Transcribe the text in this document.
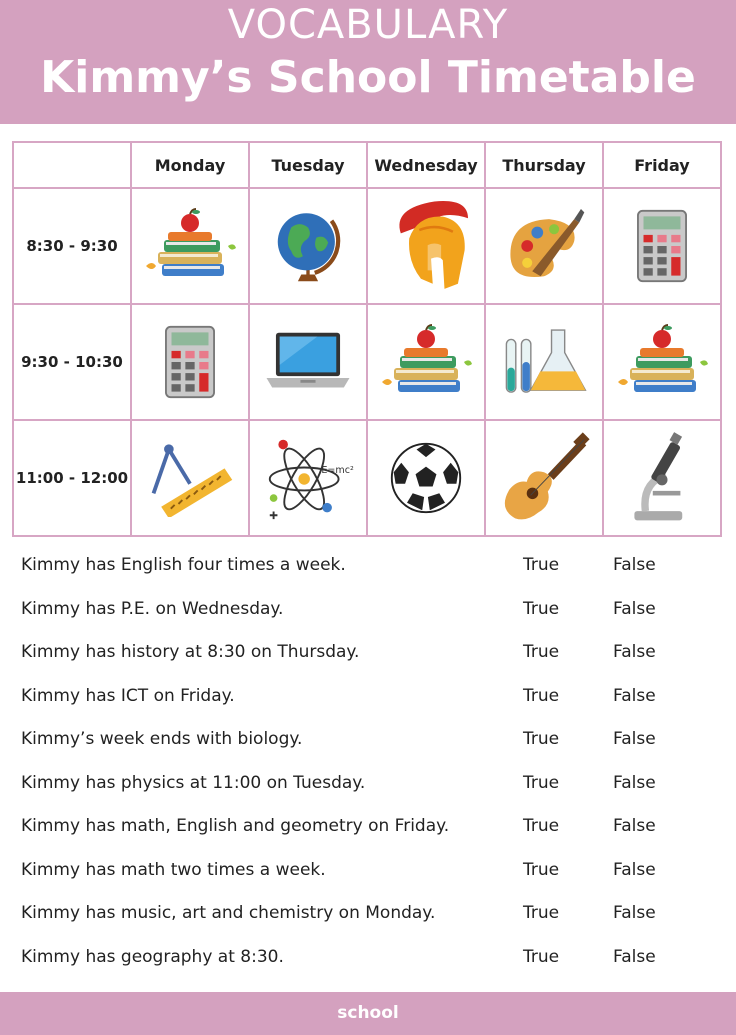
VOCABULARY
Kimmy’s School Timetable
	Monday	Tuesday	Wednesday	Thursday	Friday
8:30 - 9:30	

9:30 - 10:30	

11:00 - 12:00	

Kimmy has English four times a week.	True	False
Kimmy has P.E. on Wednesday.	True	False
Kimmy has history at 8:30 on Thursday.	True	False
Kimmy has ICT on Friday.	True	False
Kimmy’s week ends with biology.	True	False
Kimmy has physics at 11:00 on Tuesday.	True	False
Kimmy has math, English and geometry on Friday.	True	False
Kimmy has math two times a week.	True	False
Kimmy has music, art and chemistry on Monday.	True	False
Kimmy has geography at 8:30.	True	False
school
